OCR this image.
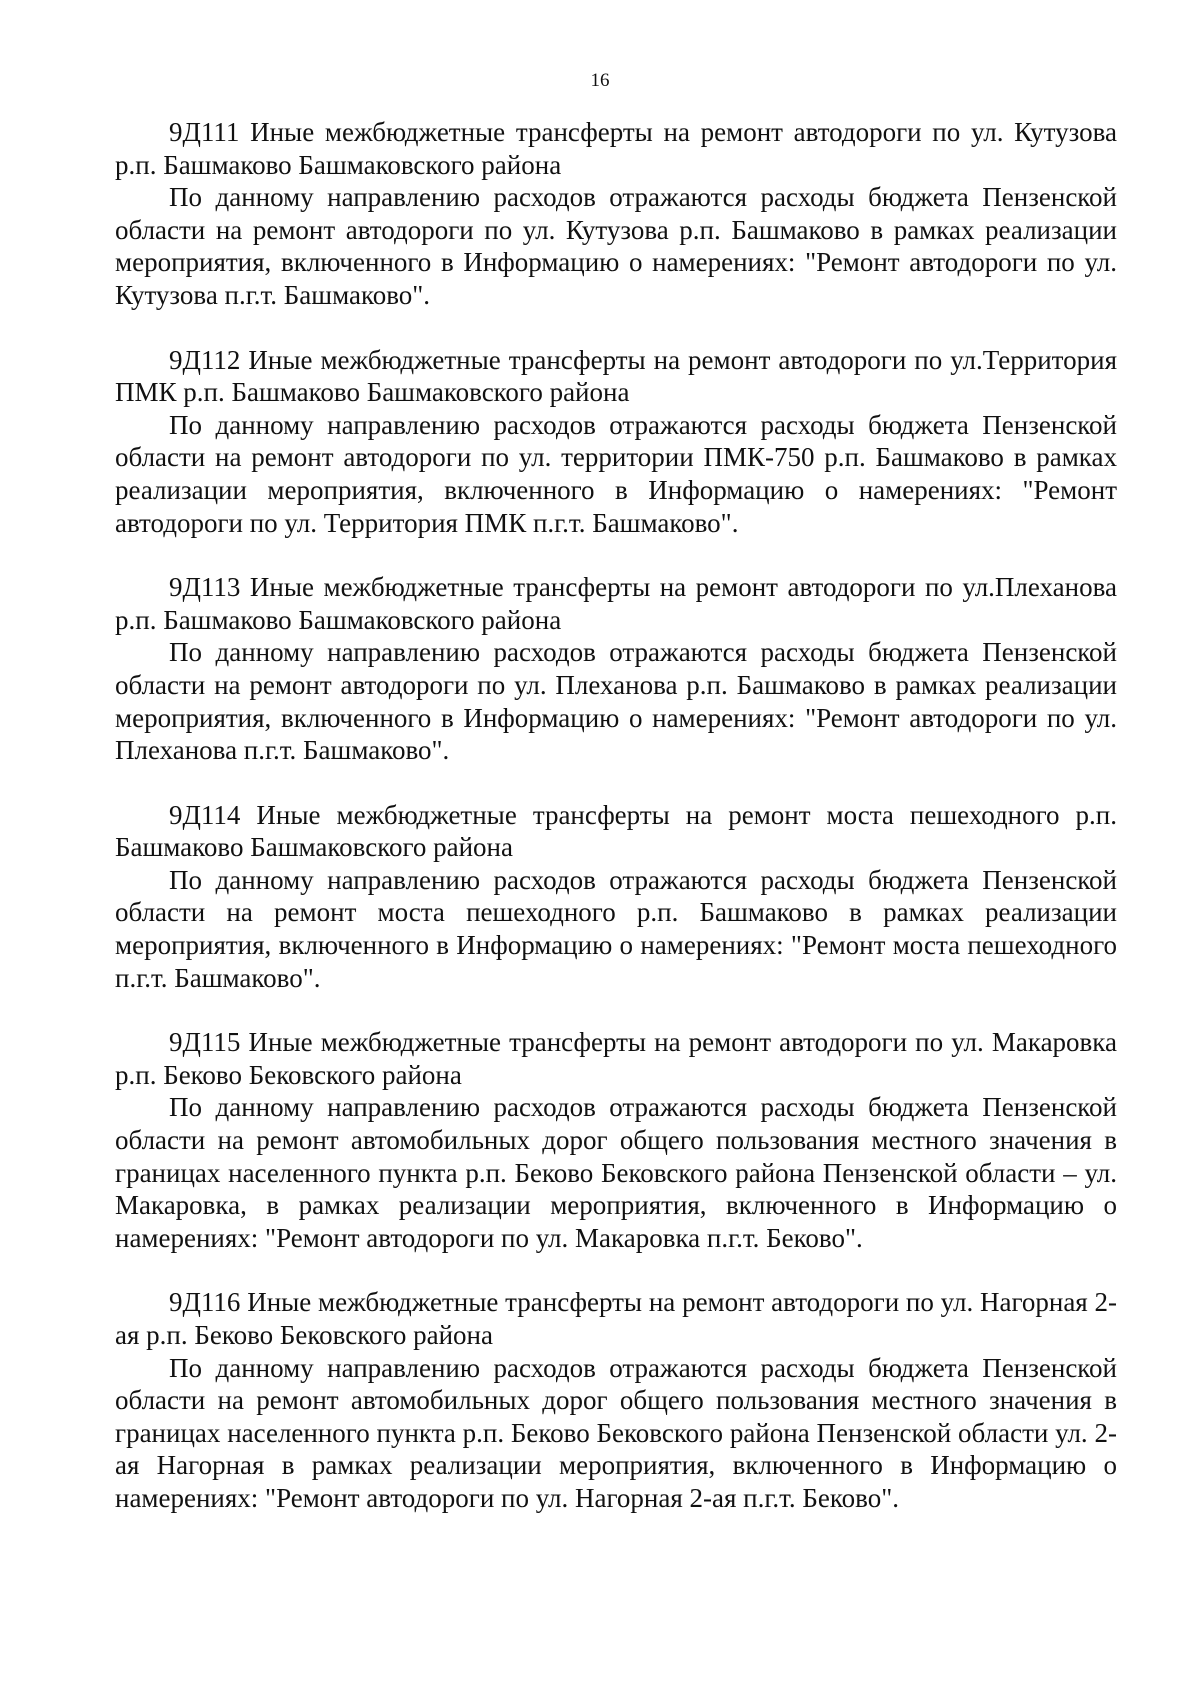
16

9Д111 Иные межбюджетные трансферты на ремонт автодороги по ул. Кутузова р.п. Башмаково Башмаковского района

По данному направлению расходов отражаются расходы бюджета Пензенской области на ремонт автодороги по ул. Кутузова р.п. Башмаково в рамках реализации мероприятия, включенного в Информацию о намерениях: "Ремонт автодороги по ул. Кутузова п.г.т. Башмаково".

9Д112 Иные межбюджетные трансферты на ремонт автодороги по ул.Территория ПМК р.п. Башмаково Башмаковского района

По данному направлению расходов отражаются расходы бюджета Пензенской области на ремонт автодороги по ул. территории ПМК-750 р.п. Башмаково в рамках реализации мероприятия, включенного в Информацию о намерениях: "Ремонт автодороги по ул. Территория ПМК п.г.т. Башмаково".

9Д113 Иные межбюджетные трансферты на ремонт автодороги по ул.Плеханова р.п. Башмаково Башмаковского района

По данному направлению расходов отражаются расходы бюджета Пензенской области на ремонт автодороги по ул. Плеханова р.п. Башмаково в рамках реализации мероприятия, включенного в Информацию о намерениях: "Ремонт автодороги по ул. Плеханова п.г.т. Башмаково".

9Д114 Иные межбюджетные трансферты на ремонт моста пешеходного р.п. Башмаково Башмаковского района

По данному направлению расходов отражаются расходы бюджета Пензенской области на ремонт моста пешеходного р.п. Башмаково в рамках реализации мероприятия, включенного в Информацию о намерениях: "Ремонт моста пешеходного п.г.т. Башмаково".

9Д115 Иные межбюджетные трансферты на ремонт автодороги по ул. Макаровка р.п. Беково Бековского района

По данному направлению расходов отражаются расходы бюджета Пензенской области на ремонт автомобильных дорог общего пользования местного значения в границах населенного пункта р.п. Беково Бековского района Пензенской области – ул. Макаровка, в рамках реализации мероприятия, включенного в Информацию о намерениях: "Ремонт автодороги по ул. Макаровка п.г.т. Беково".

9Д116 Иные межбюджетные трансферты на ремонт автодороги по ул. Нагорная 2-ая р.п. Беково Бековского района

По данному направлению расходов отражаются расходы бюджета Пензенской области на ремонт автомобильных дорог общего пользования местного значения в границах населенного пункта р.п. Беково Бековского района Пензенской области ул. 2-ая Нагорная в рамках реализации мероприятия, включенного в Информацию о намерениях: "Ремонт автодороги по ул. Нагорная 2-ая п.г.т. Беково".
